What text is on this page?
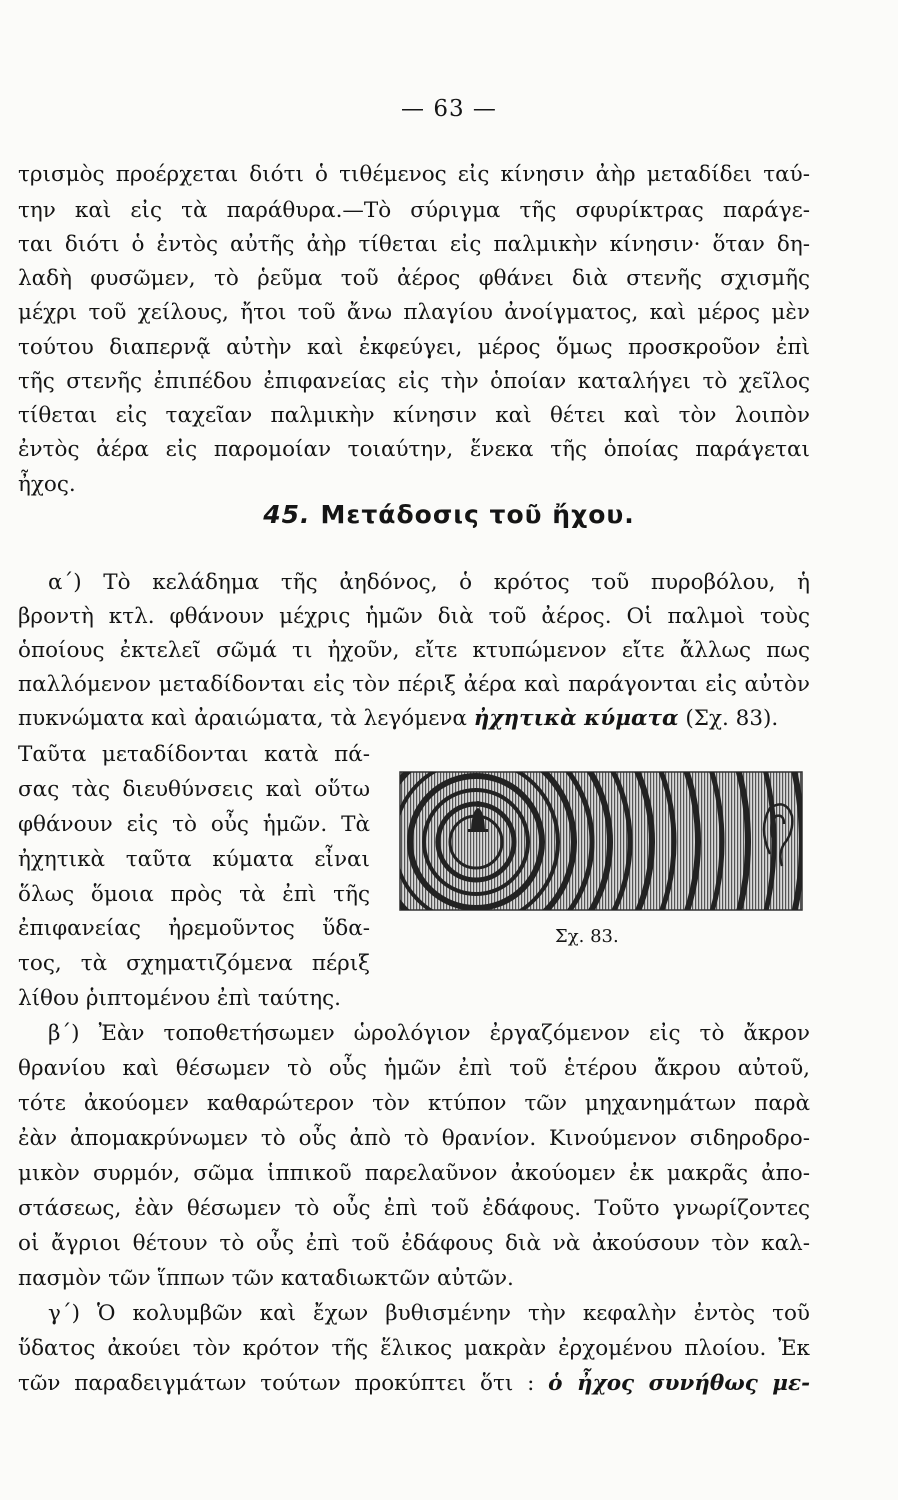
— 63 —
τρισμὸς προέρχεται διότι ὁ τιθέμενος εἰς κίνησιν ἀὴρ μεταδίδει ταύ-
την καὶ εἰς τὰ παράθυρα.—Τὸ σύριγμα τῆς σφυρίκτρας παράγε-
ται διότι ὁ ἐντὸς αὐτῆς ἀὴρ τίθεται εἰς παλμικὴν κίνησιν· ὅταν δη-
λαδὴ φυσῶμεν, τὸ ῥεῦμα τοῦ ἀέρος φθάνει διὰ στενῆς σχισμῆς
μέχρι τοῦ χείλους, ἤτοι τοῦ ἄνω πλαγίου ἀνοίγματος, καὶ μέρος μὲν
τούτου διαπερνᾷ αὐτὴν καὶ ἐκφεύγει, μέρος ὅμως προσκροῦον ἐπὶ
τῆς στενῆς ἐπιπέδου ἐπιφανείας εἰς τὴν ὁποίαν καταλήγει τὸ χεῖλος
τίθεται εἰς ταχεῖαν παλμικὴν κίνησιν καὶ θέτει καὶ τὸν λοιπὸν
ἐντὸς ἀέρα εἰς παρομοίαν τοιαύτην, ἕνεκα τῆς ὁποίας παράγεται
ἦχος.
45. Μετάδοσις τοῦ ἤχου.
α΄) Τὸ κελάδημα τῆς ἀηδόνος, ὁ κρότος τοῦ πυροβόλου, ἡ
βροντὴ κτλ. φθάνουν μέχρις ἡμῶν διὰ τοῦ ἀέρος. Οἱ παλμοὶ τοὺς
ὁποίους ἐκτελεῖ σῶμά τι ἠχοῦν, εἴτε κτυπώμενον εἴτε ἄλλως πως
παλλόμενον μεταδίδονται εἰς τὸν πέριξ ἀέρα καὶ παράγονται εἰς αὐτὸν
πυκνώματα καὶ ἀραιώματα, τὰ λεγόμενα ἠχητικὰ κύματα (Σχ. 83).
Ταῦτα μεταδίδονται κατὰ πά-
σας τὰς διευθύνσεις καὶ οὕτω
φθάνουν εἰς τὸ οὖς ἡμῶν. Τὰ
ἠχητικὰ ταῦτα κύματα εἶναι
ὅλως ὅμοια πρὸς τὰ ἐπὶ τῆς
ἐπιφανείας ἠρεμοῦντος ὕδα-
τος, τὰ σχηματιζόμενα πέριξ
λίθου ῥιπτομένου ἐπὶ ταύτης.
Σχ. 83.
β΄) Ἐὰν τοποθετήσωμεν ὡρολόγιον ἐργαζόμενον εἰς τὸ ἄκρον
θρανίου καὶ θέσωμεν τὸ οὖς ἡμῶν ἐπὶ τοῦ ἑτέρου ἄκρου αὐτοῦ,
τότε ἀκούομεν καθαρώτερον τὸν κτύπον τῶν μηχανημάτων παρὰ
ἐὰν ἀπομακρύνωμεν τὸ οὖς ἀπὸ τὸ θρανίον. Κινούμενον σιδηροδρο-
μικὸν συρμόν, σῶμα ἱππικοῦ παρελαῦνον ἀκούομεν ἐκ μακρᾶς ἀπο-
στάσεως, ἐὰν θέσωμεν τὸ οὖς ἐπὶ τοῦ ἐδάφους. Τοῦτο γνωρίζοντες
οἱ ἄγριοι θέτουν τὸ οὖς ἐπὶ τοῦ ἐδάφους διὰ νὰ ἀκούσουν τὸν καλ-
πασμὸν τῶν ἵππων τῶν καταδιωκτῶν αὐτῶν.
γ΄) Ὁ κολυμβῶν καὶ ἔχων βυθισμένην τὴν κεφαλὴν ἐντὸς τοῦ
ὕδατος ἀκούει τὸν κρότον τῆς ἕλικος μακρὰν ἐρχομένου πλοίου. Ἐκ
τῶν παραδειγμάτων τούτων προκύπτει ὅτι : ὁ ἦχος συνήθως με-
